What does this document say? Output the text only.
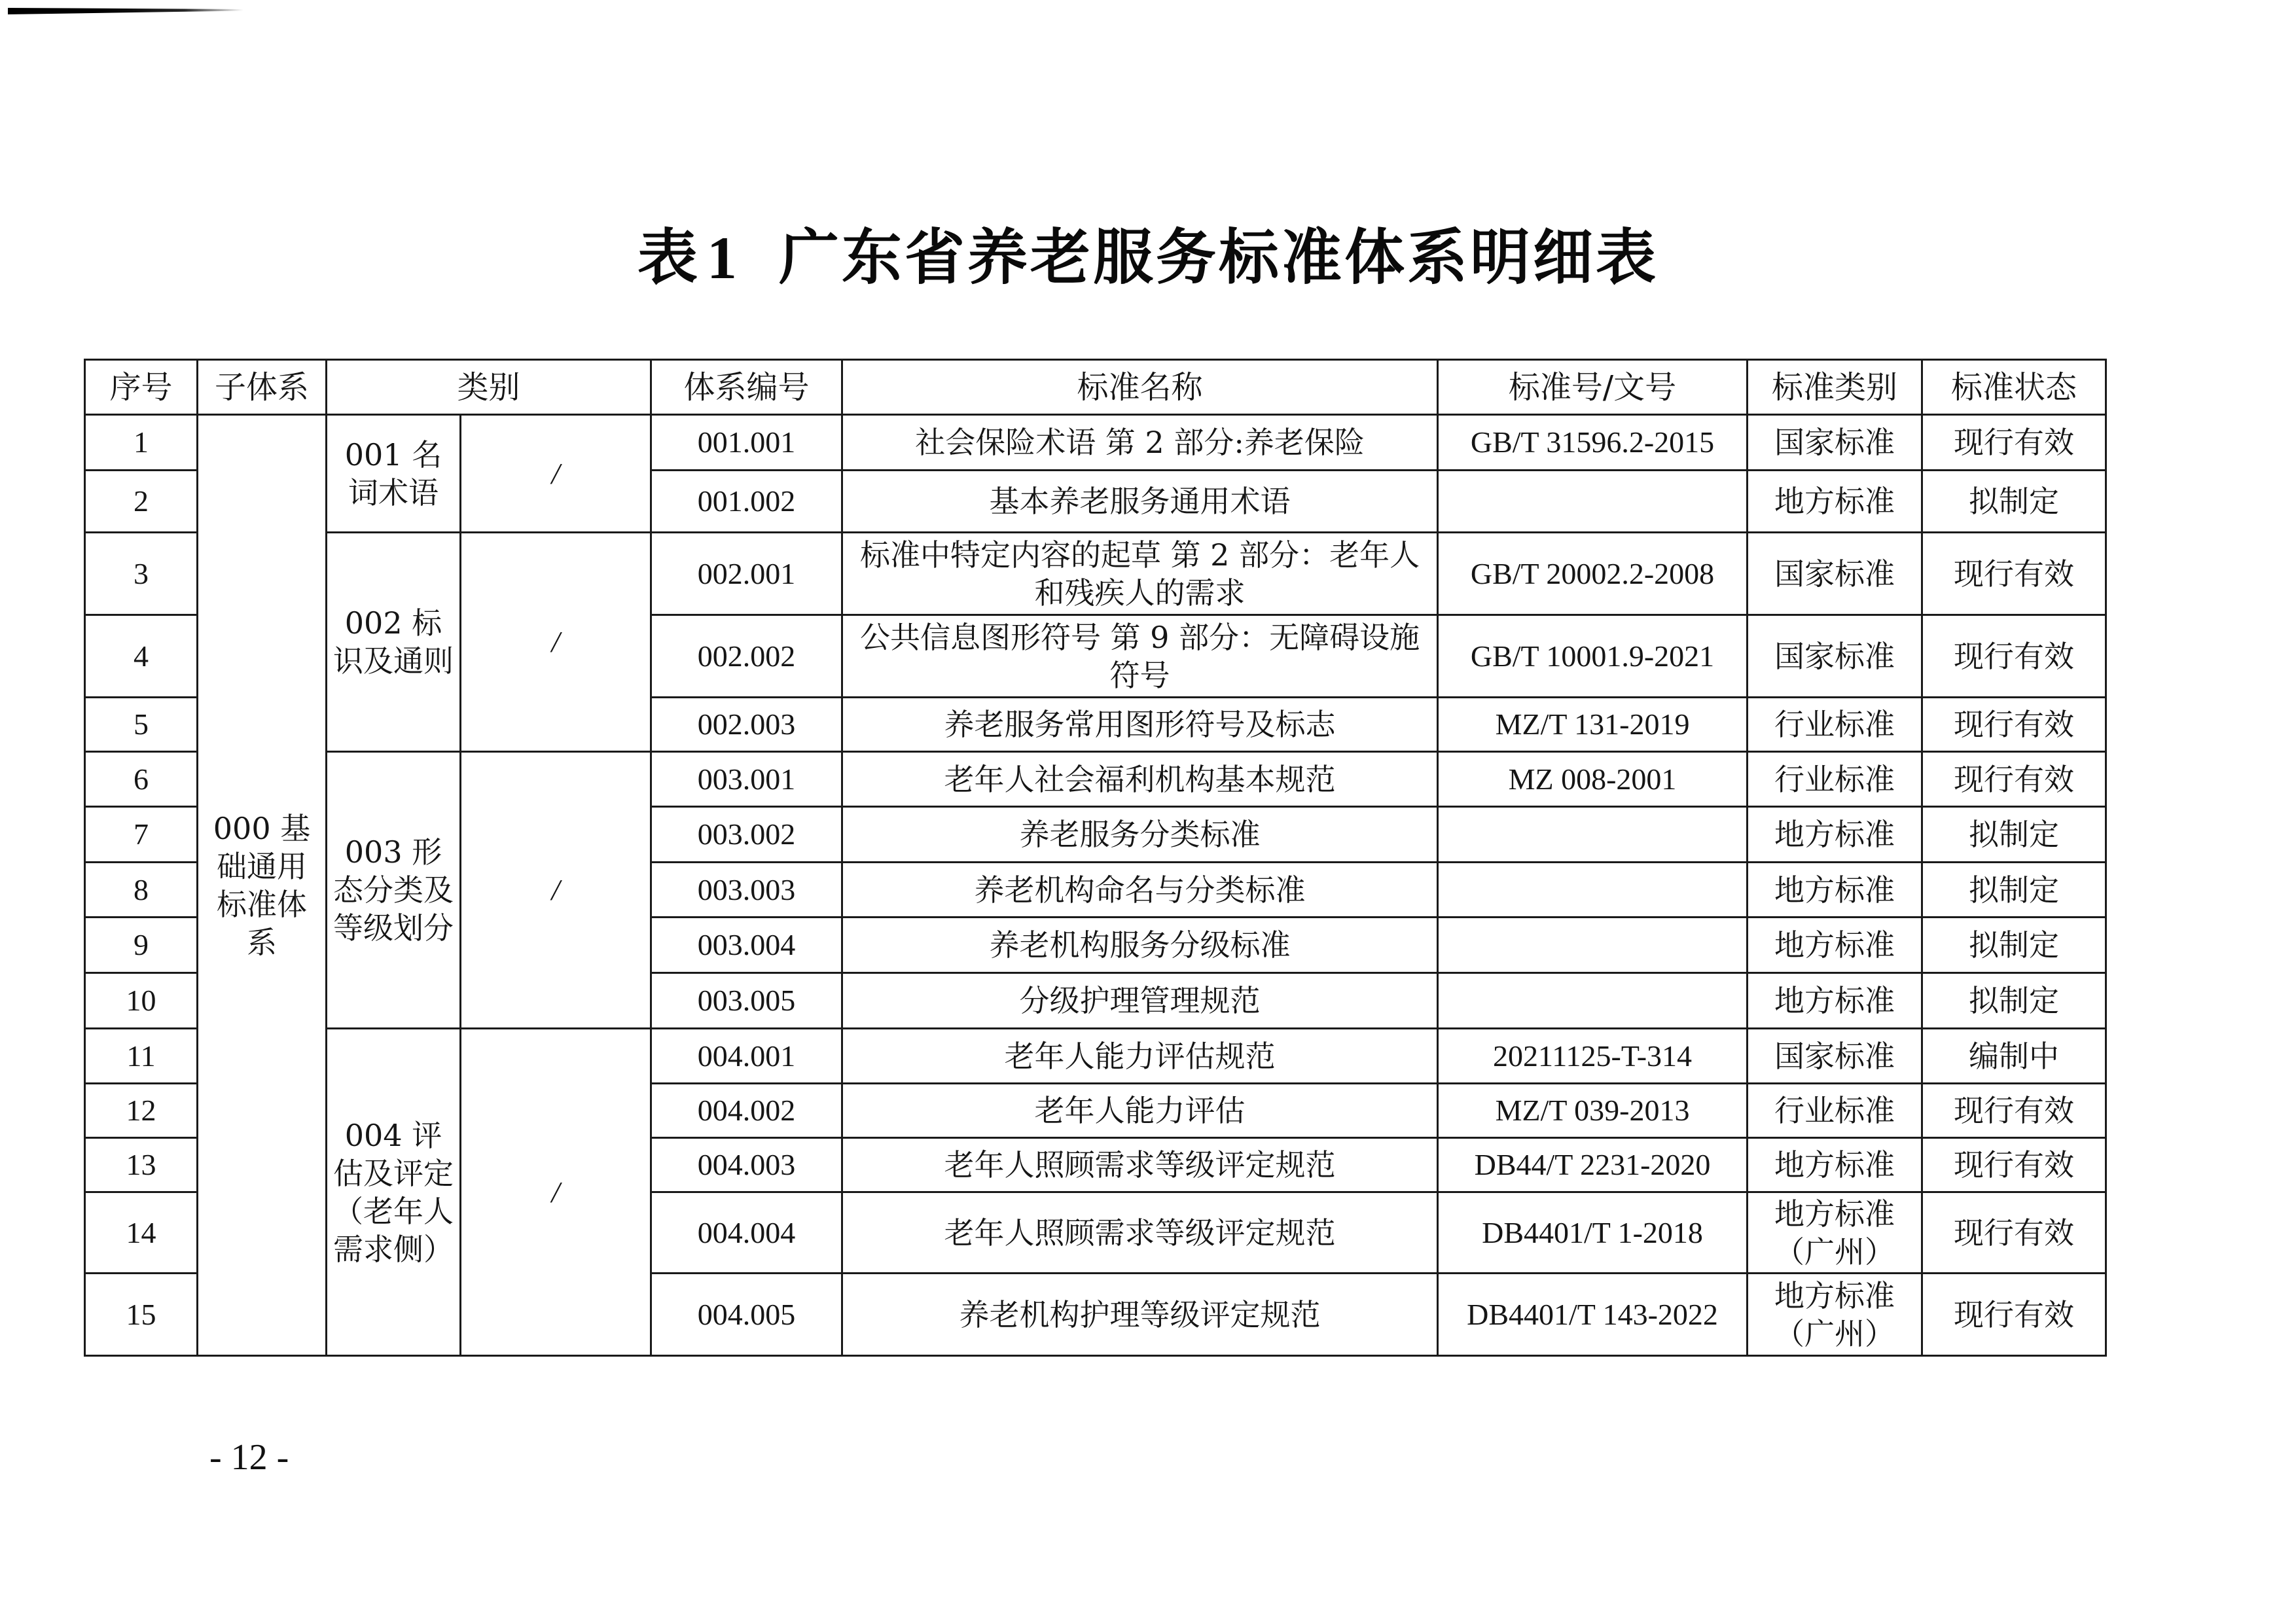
表 1 广东省养老服务标准体系明细表
序号	子体系	类别		体系编号	标准名称	标准号/文号	标准类别	标准状态
1	000 基础通用标准体系	001 名词术语	/	001.001	社会保险术语 第 2 部分:养老保险	GB/T 31596.2-2015	国家标准	现行有效
2				001.002	基本养老服务通用术语		地方标准	拟制定
3		002 标识及通则	/	002.001	标准中特定内容的起草 第 2 部分：老年人和残疾人的需求	GB/T 20002.2-2008	国家标准	现行有效
4				002.002	公共信息图形符号 第 9 部分：无障碍设施符号	GB/T 10001.9-2021	国家标准	现行有效
5				002.003	养老服务常用图形符号及标志	MZ/T 131-2019	行业标准	现行有效
6		003 形态分类及等级划分	/	003.001	老年人社会福利机构基本规范	MZ 008-2001	行业标准	现行有效
7				003.002	养老服务分类标准		地方标准	拟制定
8				003.003	养老机构命名与分类标准		地方标准	拟制定
9				003.004	养老机构服务分级标准		地方标准	拟制定
10				003.005	分级护理管理规范		地方标准	拟制定
11		004 评估及评定（老年人需求侧）	/	004.001	老年人能力评估规范	20211125-T-314	国家标准	编制中
12				004.002	老年人能力评估	MZ/T 039-2013	行业标准	现行有效
13				004.003	老年人照顾需求等级评定规范	DB44/T 2231-2020	地方标准	现行有效
14				004.004	老年人照顾需求等级评定规范	DB4401/T 1-2018	地方标准（广州）	现行有效
15				004.005	养老机构护理等级评定规范	DB4401/T 143-2022	地方标准（广州）	现行有效
- 12 -
